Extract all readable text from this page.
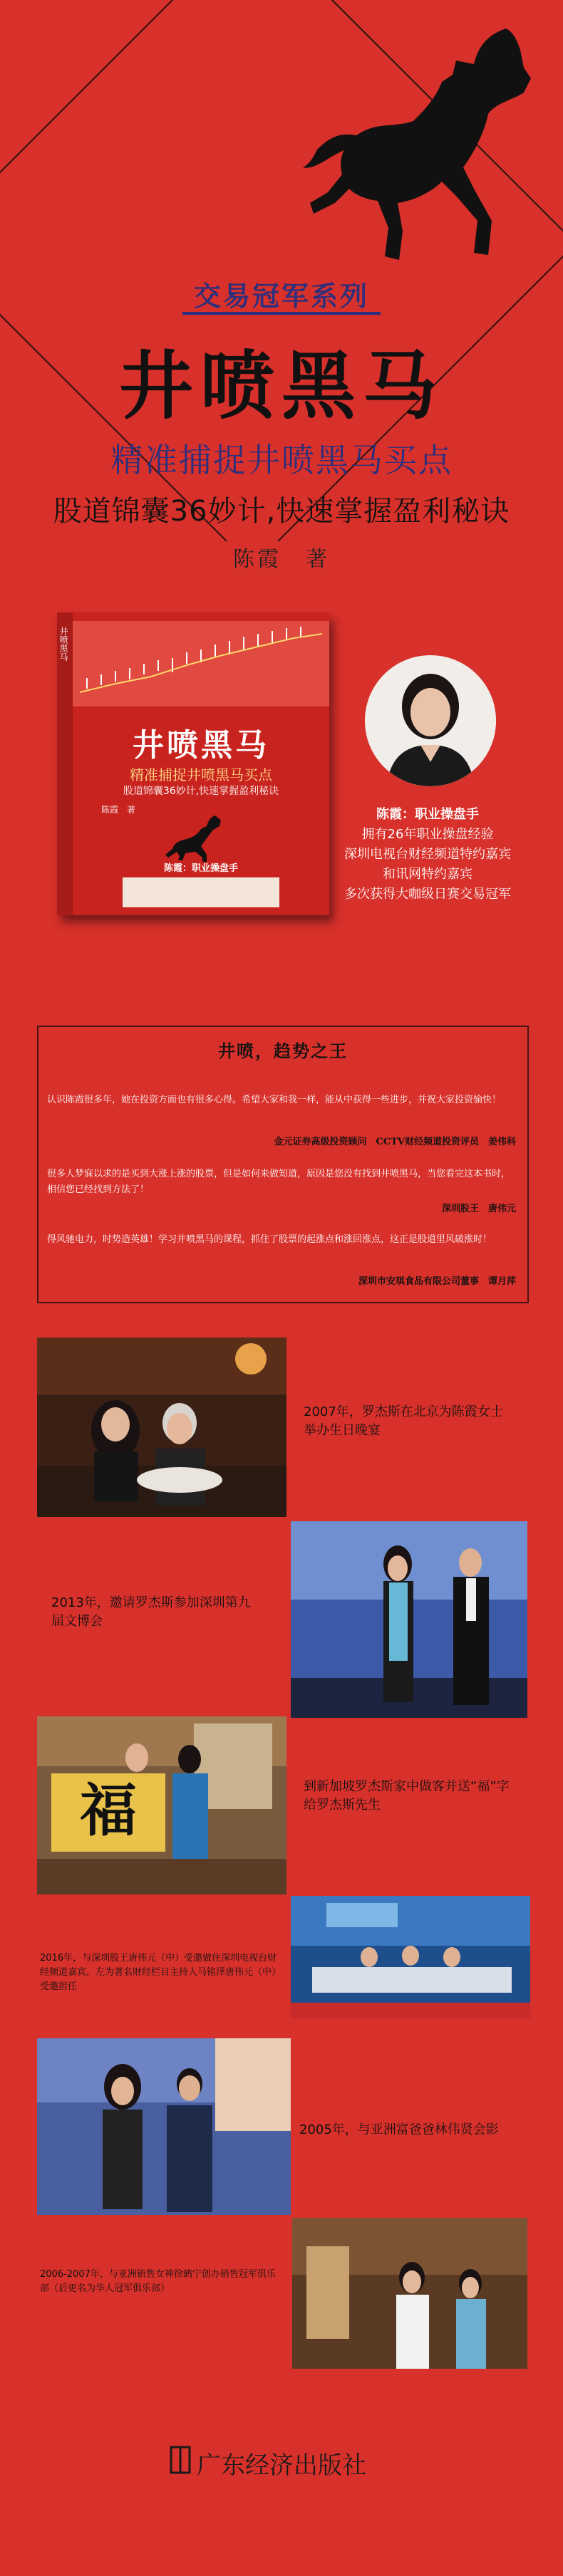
交易冠军系列
井喷黑马
精准捕捉井喷黑马买点
股道锦囊36妙计,快速掌握盈利秘诀
陈霞　著
井喷黑马
井喷黑马
精准捕捉井喷黑马买点
股道锦囊36妙计,快速掌握盈利秘诀
陈霞　著
陈霞：职业操盘手
陈霞：职业操盘手
拥有26年职业操盘经验
深圳电视台财经频道特约嘉宾
和讯网特约嘉宾
多次获得大咖级日赛交易冠军
井喷，趋势之王
认识陈霞很多年，她在投资方面也有很多心得。希望大家和我一样，能从中获得一些进步，并祝大家投资愉快！
金元证券高级投资顾问　CCTV财经频道投资评员　姜伟科
很多人梦寐以求的是买到大涨上涨的股票，但是如何来做知道，原因是您没有找到井喷黑马，当您看完这本书时，相信您已经找到方法了！
深圳股王　唐伟元
得风驰电力，时势造英雄！学习井喷黑马的课程，抓住了股票的起涨点和涨回涨点，这正是股道里风破涨时！
深圳市安琪食品有限公司董事　谭月萍
2007年，罗杰斯在北京为陈霞女士举办生日晚宴
2013年，邀请罗杰斯参加深圳第九届文博会
福	到新加坡罗杰斯家中做客并送“福”字给罗杰斯先生
2016年，与深圳股王唐伟元（中）受邀做住深圳电视台财经频道嘉宾，左为著名财经栏目主持人马铭泽唐伟元（中）受邀担任
2005年，与亚洲富爸爸林伟贤会影
2006-2007年，与亚洲销售女神徐鹤宁创办销售冠军俱乐部（后更名为华人冠军俱乐部）
广东经济出版社
